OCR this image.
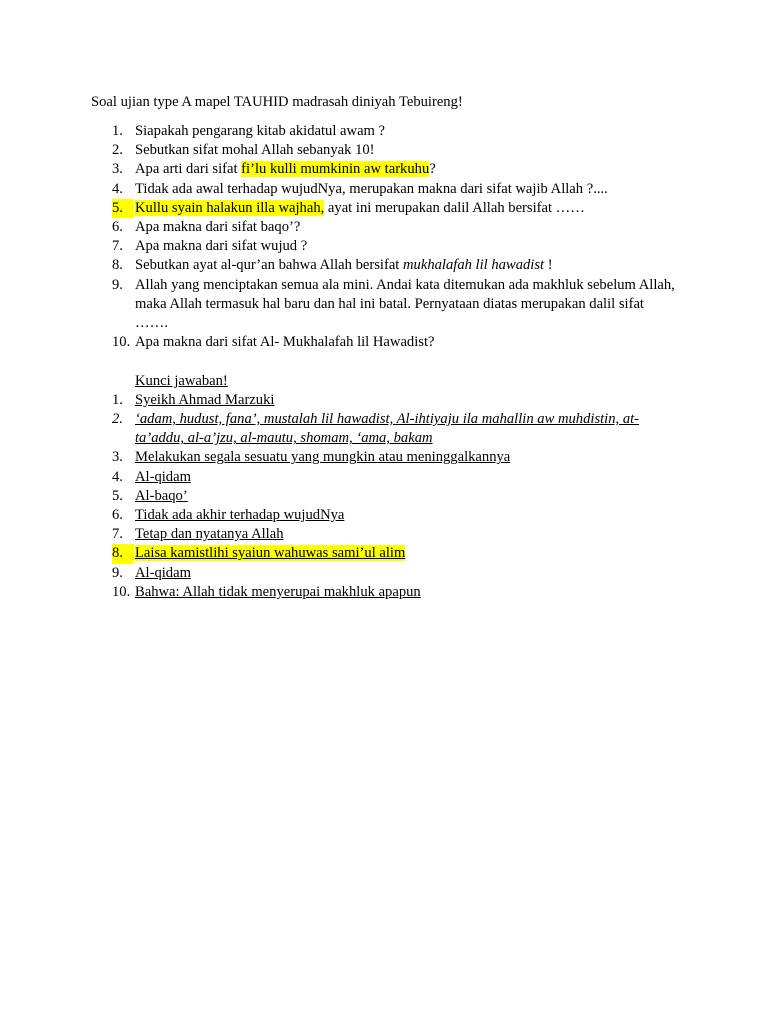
Soal ujian type A mapel TAUHID madrasah diniyah Tebuireng!
1. Siapakah pengarang kitab akidatul awam ?
2. Sebutkan sifat mohal Allah sebanyak 10!
3. Apa arti dari sifat fi’lu kulli mumkinin aw tarkuhu?
4. Tidak ada awal terhadap wujudNya, merupakan makna dari sifat wajib Allah ?....
5. Kullu syain halakun illa wajhah, ayat ini merupakan dalil Allah bersifat ……
6. Apa makna dari sifat baqo’?
7. Apa makna dari sifat wujud ?
8. Sebutkan ayat al-qur’an bahwa Allah bersifat mukhalafah lil hawadist !
9. Allah yang menciptakan semua ala mini. Andai kata ditemukan ada makhluk sebelum Allah, maka Allah termasuk hal baru dan hal ini batal. Pernyataan diatas merupakan dalil sifat …….
10. Apa makna dari sifat Al- Mukhalafah lil Hawadist?
Kunci jawaban!
1. Syeikh Ahmad Marzuki
2. ‘adam, hudust, fana’, mustalah lil hawadist, Al-ihtiyaju ila mahallin aw muhdistin, at-ta’addu, al-a’jzu, al-mautu, shomam, ‘ama, bakam
3. Melakukan segala sesuatu yang mungkin atau meninggalkannya
4. Al-qidam
5. Al-baqo’
6. Tidak ada akhir terhadap wujudNya
7. Tetap dan nyatanya Allah
8. Laisa kamistlihi syaiun wahuwas sami’ul alim
9. Al-qidam
10. Bahwa: Allah tidak menyerupai makhluk apapun
